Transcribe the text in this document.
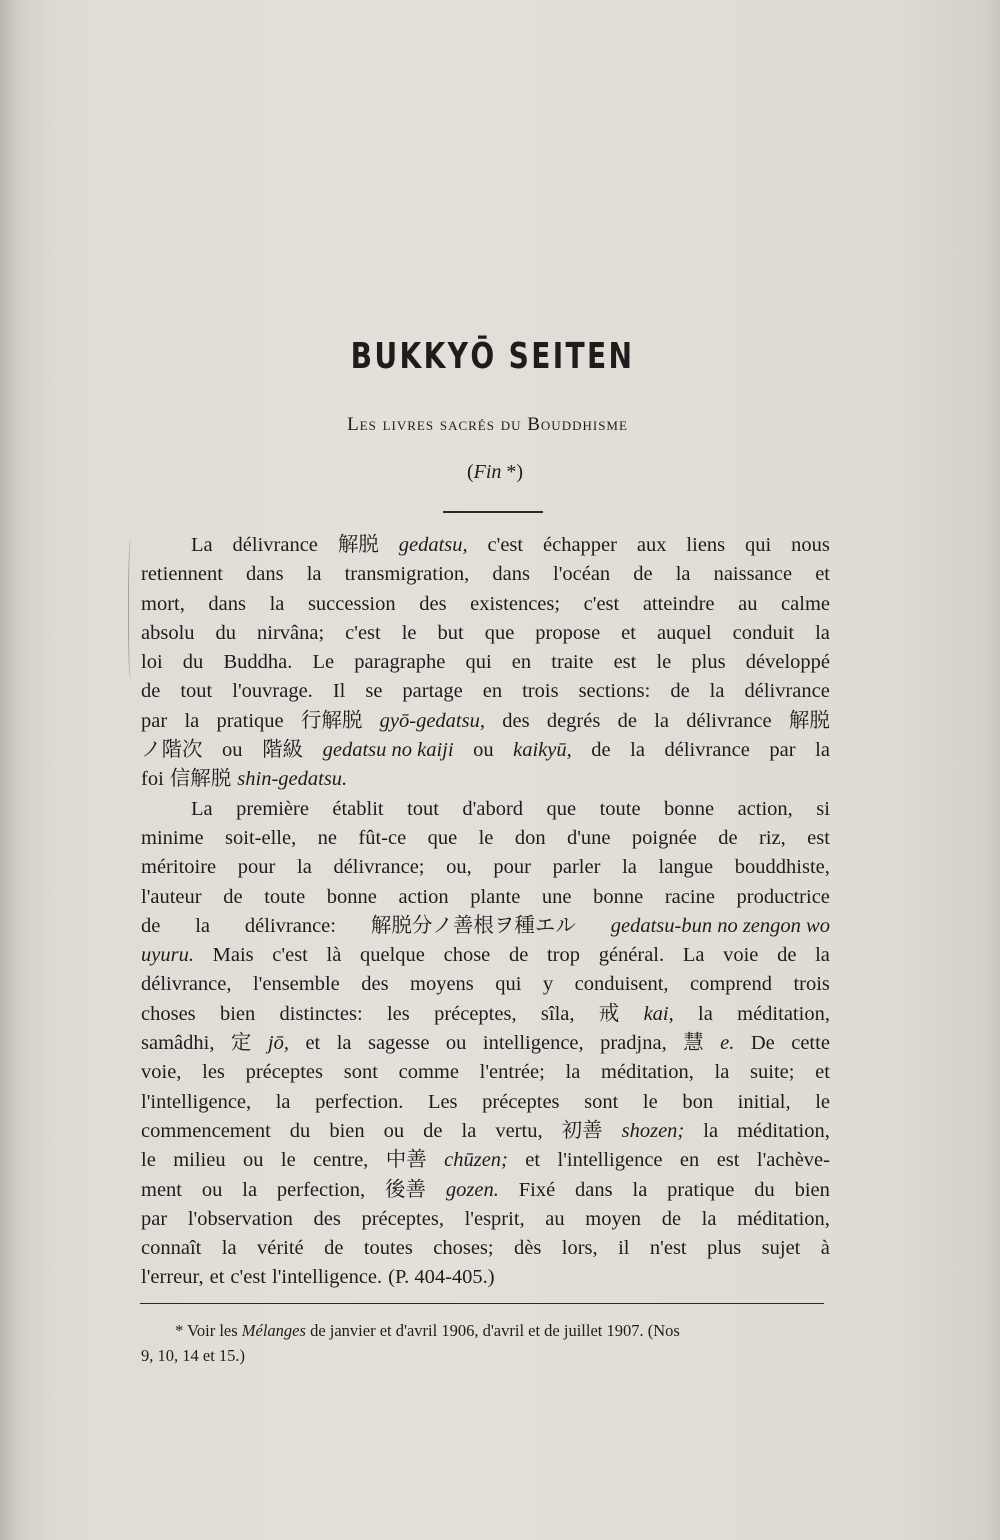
BUKKYŌ SEITEN
Les livres sacrés du Bouddhisme
(Fin *)
La délivrance 解脱 gedatsu, c'est échapper aux liens qui nous
retiennent dans la transmigration, dans l'océan de la naissance et
mort, dans la succession des existences; c'est atteindre au calme
absolu du nirvâna; c'est le but que propose et auquel conduit la
loi du Buddha. Le paragraphe qui en traite est le plus développé
de tout l'ouvrage. Il se partage en trois sections: de la délivrance
par la pratique 行解脱 gyō-gedatsu, des degrés de la délivrance 解脱
ノ階次 ou 階級 gedatsu no kaiji ou kaikyū, de la délivrance par la
foi 信解脱 shin-gedatsu.
La première établit tout d'abord que toute bonne action, si
minime soit-elle, ne fût-ce que le don d'une poignée de riz, est
méritoire pour la délivrance; ou, pour parler la langue bouddhiste,
l'auteur de toute bonne action plante une bonne racine productrice
de la délivrance: 解脱分ノ善根ヲ種エル gedatsu-bun no zengon wo
uyuru. Mais c'est là quelque chose de trop général. La voie de la
délivrance, l'ensemble des moyens qui y conduisent, comprend trois
choses bien distinctes: les préceptes, sîla, 戒 kai, la méditation,
samâdhi, 定 jō, et la sagesse ou intelligence, pradjna, 慧 e. De cette
voie, les préceptes sont comme l'entrée; la méditation, la suite; et
l'intelligence, la perfection. Les préceptes sont le bon initial, le
commencement du bien ou de la vertu, 初善 shozen; la méditation,
le milieu ou le centre, 中善 chūzen; et l'intelligence en est l'achève-
ment ou la perfection, 後善 gozen. Fixé dans la pratique du bien
par l'observation des préceptes, l'esprit, au moyen de la méditation,
connaît la vérité de toutes choses; dès lors, il n'est plus sujet à
l'erreur, et c'est l'intelligence. (P. 404-405.)
* Voir les Mélanges de janvier et d'avril 1906, d'avril et de juillet 1907. (Nos
9, 10, 14 et 15.)
